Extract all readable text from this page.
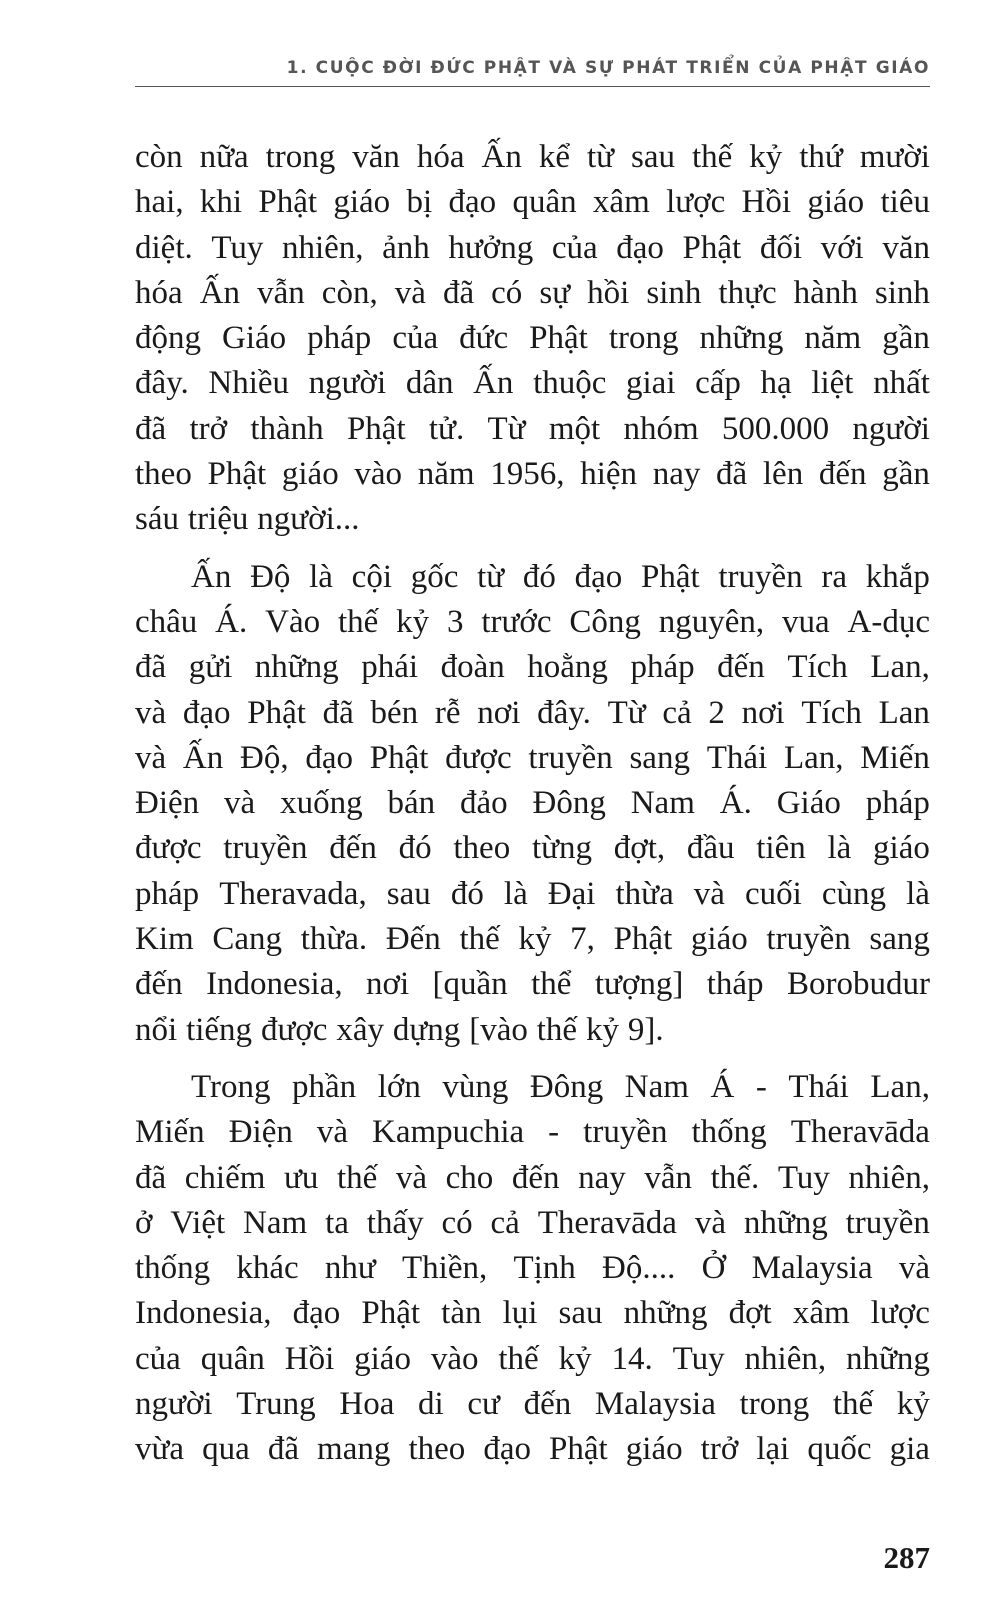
1. CUỘC ĐỜI ĐỨC PHẬT VÀ SỰ PHÁT TRIỂN CỦA PHẬT GIÁO
còn nữa trong văn hóa Ấn kể từ sau thế kỷ thứ mười
hai, khi Phật giáo bị đạo quân xâm lược Hồi giáo tiêu
diệt. Tuy nhiên, ảnh hưởng của đạo Phật đối với văn
hóa Ấn vẫn còn, và đã có sự hồi sinh thực hành sinh
động Giáo pháp của đức Phật trong những năm gần
đây. Nhiều người dân Ấn thuộc giai cấp hạ liệt nhất
đã trở thành Phật tử. Từ một nhóm 500.000 người
theo Phật giáo vào năm 1956, hiện nay đã lên đến gần
sáu triệu người...
Ấn Độ là cội gốc từ đó đạo Phật truyền ra khắp
châu Á. Vào thế kỷ 3 trước Công nguyên, vua A-dục
đã gửi những phái đoàn hoằng pháp đến Tích Lan,
và đạo Phật đã bén rễ nơi đây. Từ cả 2 nơi Tích Lan
và Ấn Độ, đạo Phật được truyền sang Thái Lan, Miến
Điện và xuống bán đảo Đông Nam Á. Giáo pháp
được truyền đến đó theo từng đợt, đầu tiên là giáo
pháp Theravada, sau đó là Đại thừa và cuối cùng là
Kim Cang thừa. Đến thế kỷ 7, Phật giáo truyền sang
đến Indonesia, nơi [quần thể tượng] tháp Borobudur
nổi tiếng được xây dựng [vào thế kỷ 9].
Trong phần lớn vùng Đông Nam Á - Thái Lan,
Miến Điện và Kampuchia - truyền thống Theravāda
đã chiếm ưu thế và cho đến nay vẫn thế. Tuy nhiên,
ở Việt Nam ta thấy có cả Theravāda và những truyền
thống khác như Thiền, Tịnh Độ.... Ở Malaysia và
Indonesia, đạo Phật tàn lụi sau những đợt xâm lược
của quân Hồi giáo vào thế kỷ 14. Tuy nhiên, những
người Trung Hoa di cư đến Malaysia trong thế kỷ
vừa qua đã mang theo đạo Phật giáo trở lại quốc gia
287
